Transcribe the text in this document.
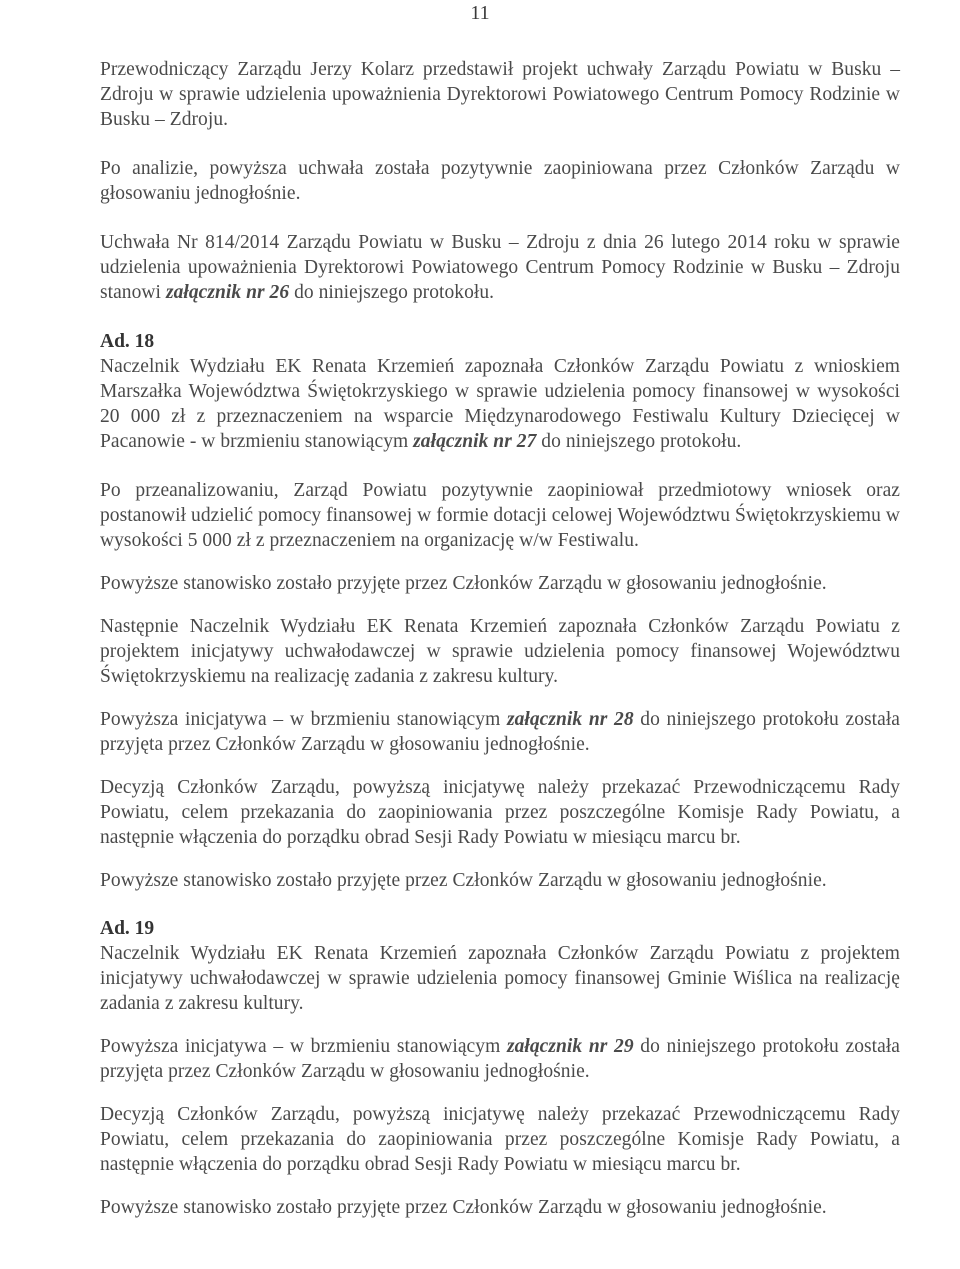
11

Przewodniczący Zarządu Jerzy Kolarz przedstawił projekt uchwały Zarządu Powiatu w Busku – Zdroju w sprawie udzielenia upoważnienia Dyrektorowi Powiatowego Centrum Pomocy Rodzinie w Busku – Zdroju.

Po analizie, powyższa uchwała została pozytywnie zaopiniowana przez Członków Zarządu w głosowaniu jednogłośnie.

Uchwała Nr 814/2014 Zarządu Powiatu w Busku – Zdroju z dnia 26 lutego 2014 roku w sprawie udzielenia upoważnienia Dyrektorowi Powiatowego Centrum Pomocy Rodzinie w Busku – Zdroju stanowi załącznik nr 26 do niniejszego protokołu.

Ad. 18

Naczelnik Wydziału EK Renata Krzemień zapoznała Członków Zarządu Powiatu z wnioskiem Marszałka Województwa Świętokrzyskiego w sprawie udzielenia pomocy finansowej w wysokości 20 000 zł z przeznaczeniem na wsparcie Międzynarodowego Festiwalu Kultury Dziecięcej w Pacanowie - w brzmieniu stanowiącym załącznik nr 27 do niniejszego protokołu.

Po przeanalizowaniu, Zarząd Powiatu pozytywnie zaopiniował przedmiotowy wniosek oraz postanowił udzielić pomocy finansowej w formie dotacji celowej Województwu Świętokrzyskiemu w wysokości 5 000 zł z przeznaczeniem na organizację w/w Festiwalu.

Powyższe stanowisko zostało przyjęte przez Członków Zarządu w głosowaniu jednogłośnie.

Następnie Naczelnik Wydziału EK Renata Krzemień zapoznała Członków Zarządu Powiatu z projektem inicjatywy uchwałodawczej w sprawie udzielenia pomocy finansowej Województwu Świętokrzyskiemu na realizację zadania z zakresu kultury.

Powyższa inicjatywa – w brzmieniu stanowiącym załącznik nr 28 do niniejszego protokołu została przyjęta przez Członków Zarządu w głosowaniu jednogłośnie.

Decyzją Członków Zarządu, powyższą inicjatywę należy przekazać Przewodniczącemu Rady Powiatu, celem przekazania do zaopiniowania przez poszczególne Komisje Rady Powiatu, a następnie włączenia do porządku obrad Sesji Rady Powiatu w miesiącu marcu br.

Powyższe stanowisko zostało przyjęte przez Członków Zarządu w głosowaniu jednogłośnie.

Ad. 19

Naczelnik Wydziału EK Renata Krzemień zapoznała Członków Zarządu Powiatu z projektem inicjatywy uchwałodawczej w sprawie udzielenia pomocy finansowej Gminie Wiślica na realizację zadania z zakresu kultury.

Powyższa inicjatywa – w brzmieniu stanowiącym załącznik nr 29 do niniejszego protokołu została przyjęta przez Członków Zarządu w głosowaniu jednogłośnie.

Decyzją Członków Zarządu, powyższą inicjatywę należy przekazać Przewodniczącemu Rady Powiatu, celem przekazania do zaopiniowania przez poszczególne Komisje Rady Powiatu, a następnie włączenia do porządku obrad Sesji Rady Powiatu w miesiącu marcu br.

Powyższe stanowisko zostało przyjęte przez Członków Zarządu w głosowaniu jednogłośnie.
